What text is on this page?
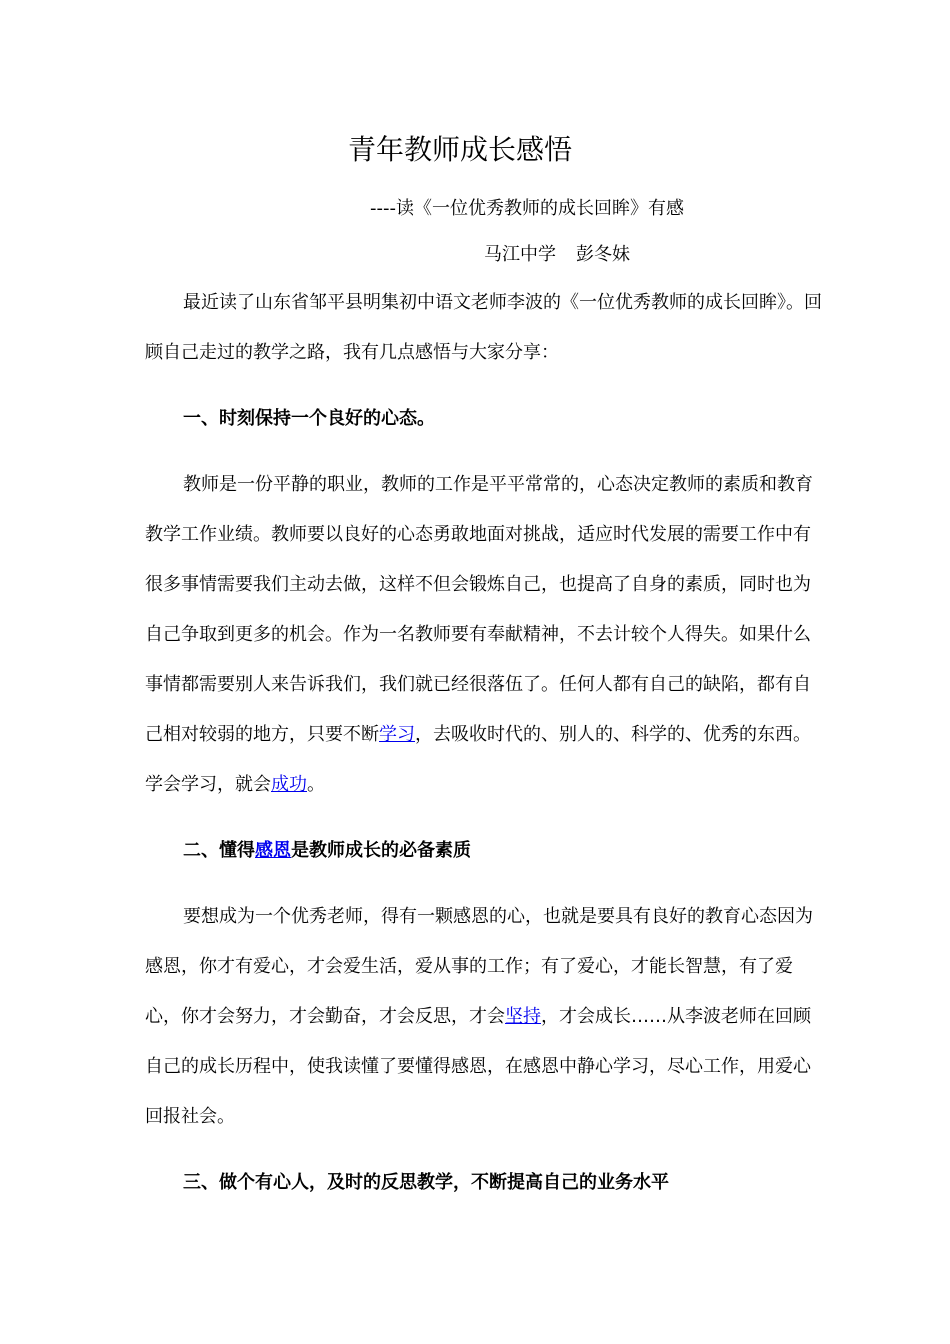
青年教师成长感悟
----读《一位优秀教师的成长回眸》有感
马江中学 彭冬妹

最近读了山东省邹平县明集初中语文老师李波的《一位优秀教师的成长回眸》。回顾自己走过的教学之路，我有几点感悟与大家分享：

一、时刻保持一个良好的心态。

教师是一份平静的职业，教师的工作是平平常常的，心态决定教师的素质和教育教学工作业绩。教师要以良好的心态勇敢地面对挑战，适应时代发展的需要工作中有很多事情需要我们主动去做，这样不但会锻炼自己，也提高了自身的素质，同时也为自己争取到更多的机会。作为一名教师要有奉献精神，不去计较个人得失。如果什么事情都需要别人来告诉我们，我们就已经很落伍了。任何人都有自己的缺陷，都有自己相对较弱的地方，只要不断学习，去吸收时代的、别人的、科学的、优秀的东西。学会学习，就会成功。

二、懂得感恩是教师成长的必备素质

要想成为一个优秀老师，得有一颗感恩的心，也就是要具有良好的教育心态因为感恩，你才有爱心，才会爱生活，爱从事的工作；有了爱心，才能长智慧，有了爱心，你才会努力，才会勤奋，才会反思，才会坚持，才会成长……从李波老师在回顾自己的成长历程中，使我读懂了要懂得感恩，在感恩中静心学习，尽心工作，用爱心回报社会。

三、做个有心人，及时的反思教学，不断提高自己的业务水平
